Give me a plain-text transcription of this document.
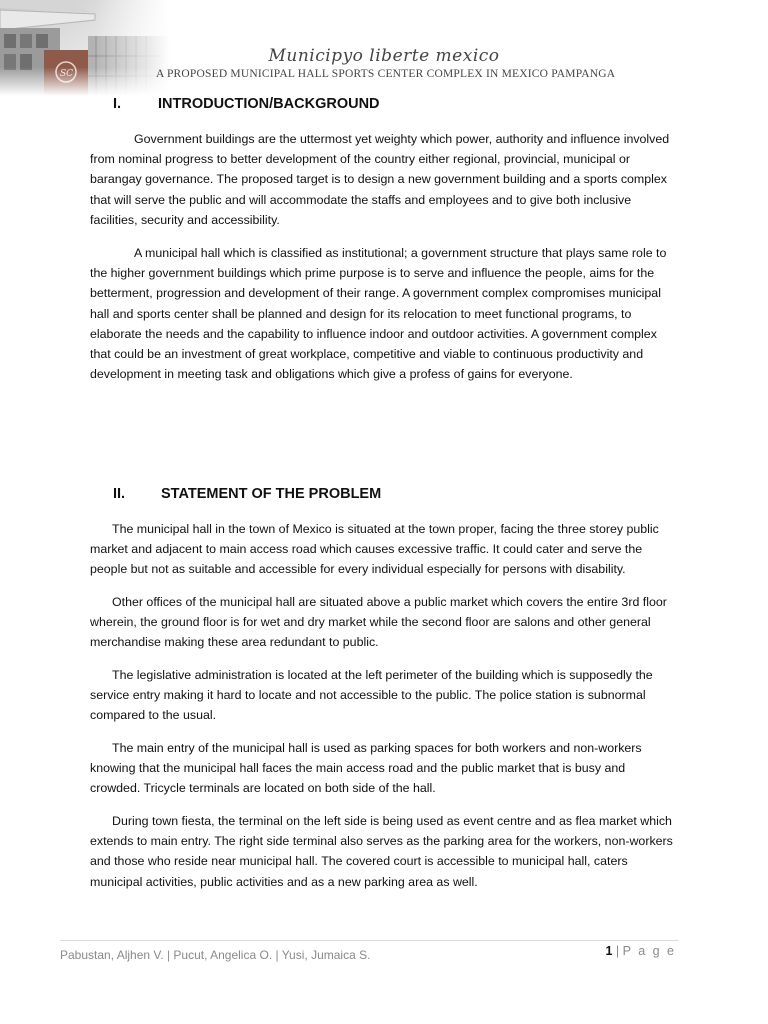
Municipyo liberte mexico
A PROPOSED MUNICIPAL HALL SPORTS CENTER COMPLEX IN MEXICO PAMPANGA
I.	INTRODUCTION/BACKGROUND

Government buildings are the uttermost yet weighty which power, authority and influence involved from nominal progress to better development of the country either regional, provincial, municipal or barangay governance. The proposed target is to design a new government building and a sports complex that will serve the public and will accommodate the staffs and employees and to give both inclusive facilities, security and accessibility.

A municipal hall which is classified as institutional; a government structure that plays same role to the higher government buildings which prime purpose is to serve and influence the people, aims for the betterment, progression and development of their range. A government complex compromises municipal hall and sports center shall be planned and design for its relocation to meet functional programs, to elaborate the needs and the capability to influence indoor and outdoor activities. A government complex that could be an investment of great workplace, competitive and viable to continuous productivity and development in meeting task and obligations which give a profess of gains for everyone.

II. STATEMENT OF THE PROBLEM

The municipal hall in the town of Mexico is situated at the town proper, facing the three storey public market and adjacent to main access road which causes excessive traffic. It could cater and serve the people but not as suitable and accessible for every individual especially for persons with disability.

Other offices of the municipal hall are situated above a public market which covers the entire 3rd floor wherein, the ground floor is for wet and dry market while the second floor are salons and other general merchandise making these area redundant to public.

The legislative administration is located at the left perimeter of the building which is supposedly the service entry making it hard to locate and not accessible to the public. The police station is subnormal compared to the usual.

The main entry of the municipal hall is used as parking spaces for both workers and non-workers knowing that the municipal hall faces the main access road and the public market that is busy and crowded. Tricycle terminals are located on both side of the hall.

During town fiesta, the terminal on the left side is being used as event centre and as flea market which extends to main entry. The right side terminal also serves as the parking area for the workers, non-workers and those who reside near municipal hall. The covered court is accessible to municipal hall, caters municipal activities, public activities and as a new parking area as well.

Pabustan, Aljhen V. | Pucut, Angelica O. | Yusi, Jumaica S.	1 | P a g e
